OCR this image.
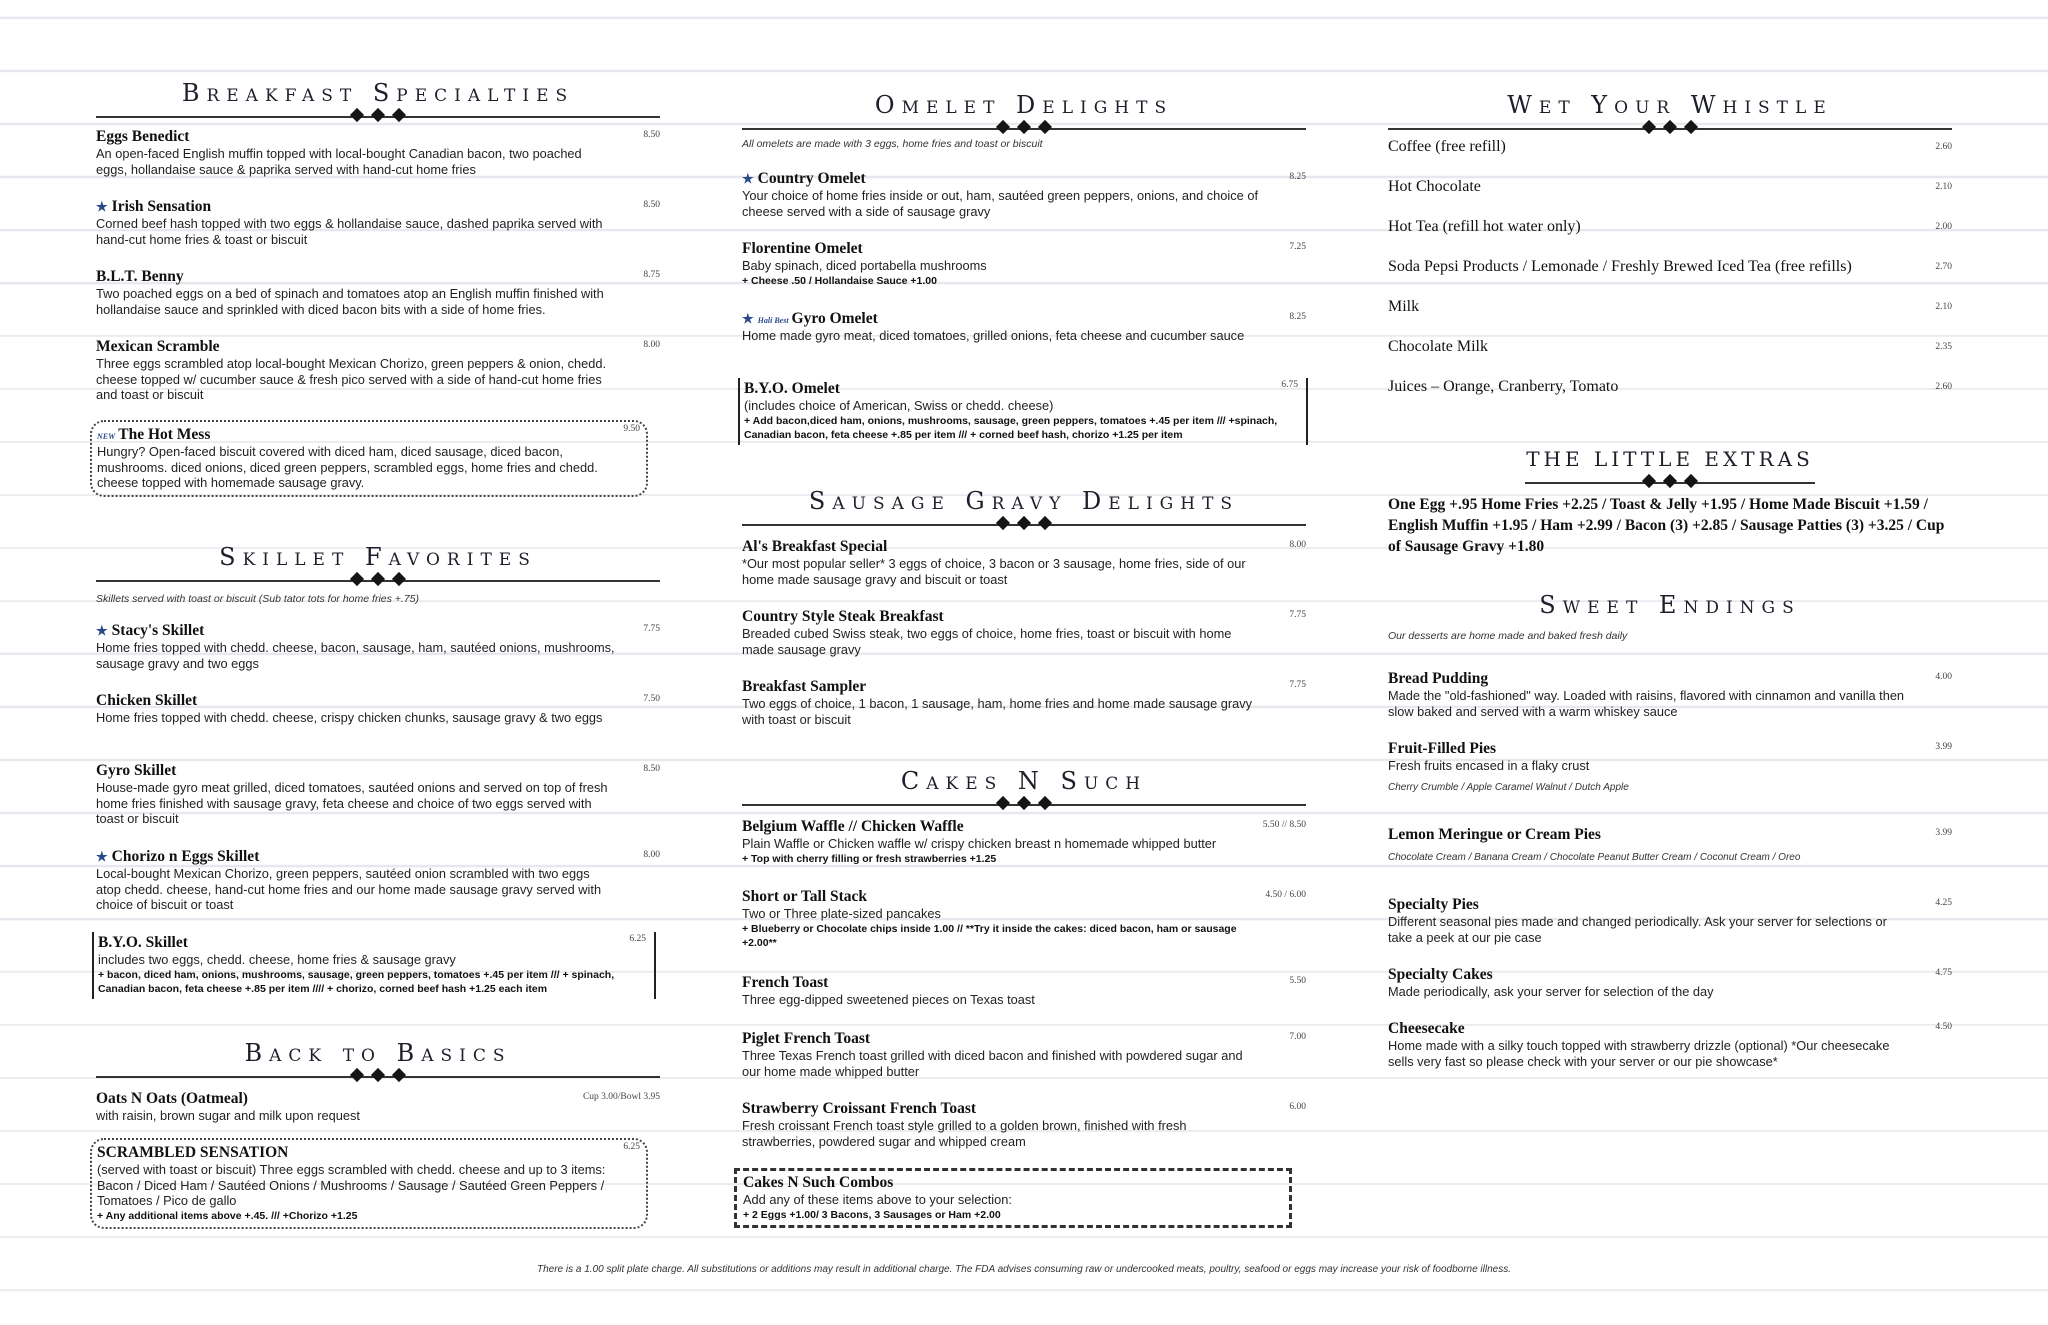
Breakfast Specialties
Eggs Benedict	8.50
An open-faced English muffin topped with local-bought Canadian bacon, two poached eggs, hollandaise sauce & paprika served with hand-cut home fries
★ Irish Sensation	8.50
Corned beef hash topped with two eggs & hollandaise sauce, dashed paprika served with hand-cut home fries & toast or biscuit
B.L.T. Benny	8.75
Two poached eggs on a bed of spinach and tomatoes atop an English muffin finished with hollandaise sauce and sprinkled with diced bacon bits with a side of home fries.
Mexican Scramble	8.00
Three eggs scrambled atop local-bought Mexican Chorizo, green peppers & onion, chedd. cheese topped w/ cucumber sauce & fresh pico served with a side of hand-cut home fries and toast or biscuit
NEW The Hot Mess	9.50
Hungry? Open-faced biscuit covered with diced ham, diced sausage, diced bacon, mushrooms. diced onions, diced green peppers, scrambled eggs, home fries and chedd. cheese topped with homemade sausage gravy.
Skillet Favorites
Skillets served with toast or biscuit (Sub tator tots for home fries +.75)
★ Stacy's Skillet	7.75
Home fries topped with chedd. cheese, bacon, sausage, ham, sautéed onions, mushrooms, sausage gravy and two eggs
Chicken Skillet	7.50
Home fries topped with chedd. cheese, crispy chicken chunks, sausage gravy & two eggs
Gyro Skillet	8.50
House-made gyro meat grilled, diced tomatoes, sautéed onions and served on top of fresh home fries finished with sausage gravy, feta cheese and choice of two eggs served with toast or biscuit
★ Chorizo n Eggs Skillet	8.00
Local-bought Mexican Chorizo, green peppers, sautéed onion scrambled with two eggs atop chedd. cheese, hand-cut home fries and our home made sausage gravy served with choice of biscuit or toast
B.Y.O. Skillet	6.25
includes two eggs, chedd. cheese, home fries & sausage gravy
+ bacon, diced ham, onions, mushrooms, sausage, green peppers, tomatoes +.45 per item /// + spinach, Canadian bacon, feta cheese +.85 per item //// + chorizo, corned beef hash +1.25 each item
Back to Basics
Oats N Oats (Oatmeal)	Cup 3.00/Bowl 3.95
with raisin, brown sugar and milk upon request
SCRAMBLED SENSATION	6.25
(served with toast or biscuit) Three eggs scrambled with chedd. cheese and up to 3 items: Bacon / Diced Ham / Sautéed Onions / Mushrooms / Sausage / Sautéed Green Peppers / Tomatoes / Pico de gallo
+ Any additional items above +.45. /// +Chorizo +1.25
Omelet Delights
All omelets are made with 3 eggs, home fries and toast or biscuit
★ Country Omelet	8.25
Your choice of home fries inside or out, ham, sautéed green peppers, onions, and choice of cheese served with a side of sausage gravy
Florentine Omelet	7.25
Baby spinach, diced portabella mushrooms
+ Cheese .50 / Hollandaise Sauce +1.00
★ Hali Best Gyro Omelet	8.25
Home made gyro meat, diced tomatoes, grilled onions, feta cheese and cucumber sauce
B.Y.O. Omelet	6.75
(includes choice of American, Swiss or chedd. cheese)
+ Add bacon,diced ham, onions, mushrooms, sausage, green peppers, tomatoes +.45 per item /// +spinach, Canadian bacon, feta cheese +.85 per item /// + corned beef hash, chorizo +1.25 per item
Sausage Gravy Delights
Al's Breakfast Special	8.00
*Our most popular seller* 3 eggs of choice, 3 bacon or 3 sausage, home fries, side of our home made sausage gravy and biscuit or toast
Country Style Steak Breakfast	7.75
Breaded cubed Swiss steak, two eggs of choice, home fries, toast or biscuit with home made sausage gravy
Breakfast Sampler	7.75
Two eggs of choice, 1 bacon, 1 sausage, ham, home fries and home made sausage gravy with toast or biscuit
Cakes N Such
Belgium Waffle // Chicken Waffle	5.50 // 8.50
Plain Waffle or Chicken waffle w/ crispy chicken breast n homemade whipped butter
+ Top with cherry filling or fresh strawberries +1.25
Short or Tall Stack	4.50 / 6.00
Two or Three plate-sized pancakes
+ Blueberry or Chocolate chips inside 1.00 // **Try it inside the cakes: diced bacon, ham or sausage +2.00**
French Toast	5.50
Three egg-dipped sweetened pieces on Texas toast
Piglet French Toast	7.00
Three Texas French toast grilled with diced bacon and finished with powdered sugar and our home made whipped butter
Strawberry Croissant French Toast	6.00
Fresh croissant French toast style grilled to a golden brown, finished with fresh strawberries, powdered sugar and whipped cream
Cakes N Such Combos
Add any of these items above to your selection:
+ 2 Eggs +1.00/ 3 Bacons, 3 Sausages or Ham +2.00
Wet Your Whistle
Coffee (free refill)	2.60
Hot Chocolate	2.10
Hot Tea (refill hot water only)	2.00
Soda Pepsi Products / Lemonade / Freshly Brewed Iced Tea (free refills)	2.70
Milk	2.10
Chocolate Milk	2.35
Juices – Orange, Cranberry, Tomato	2.60
THE LITTLE EXTRAS
One Egg +.95 Home Fries +2.25 / Toast & Jelly +1.95 / Home Made Biscuit +1.59 / English Muffin +1.95 / Ham +2.99 / Bacon (3) +2.85 / Sausage Patties (3) +3.25 / Cup of Sausage Gravy +1.80
Sweet Endings
Our desserts are home made and baked fresh daily
Bread Pudding	4.00
Made the "old-fashioned" way. Loaded with raisins, flavored with cinnamon and vanilla then slow baked and served with a warm whiskey sauce
Fruit-Filled Pies	3.99
Fresh fruits encased in a flaky crust
Cherry Crumble / Apple Caramel Walnut / Dutch Apple
Lemon Meringue or Cream Pies	3.99
Chocolate Cream / Banana Cream / Chocolate Peanut Butter Cream / Coconut Cream / Oreo
Specialty Pies	4.25
Different seasonal pies made and changed periodically. Ask your server for selections or take a peek at our pie case
Specialty Cakes	4.75
Made periodically, ask your server for selection of the day
Cheesecake	4.50
Home made with a silky touch topped with strawberry drizzle (optional) *Our cheesecake sells very fast so please check with your server or our pie showcase*
There is a 1.00 split plate charge. All substitutions or additions may result in additional charge. The FDA advises consuming raw or undercooked meats, poultry, seafood or eggs may increase your risk of foodborne illness.
